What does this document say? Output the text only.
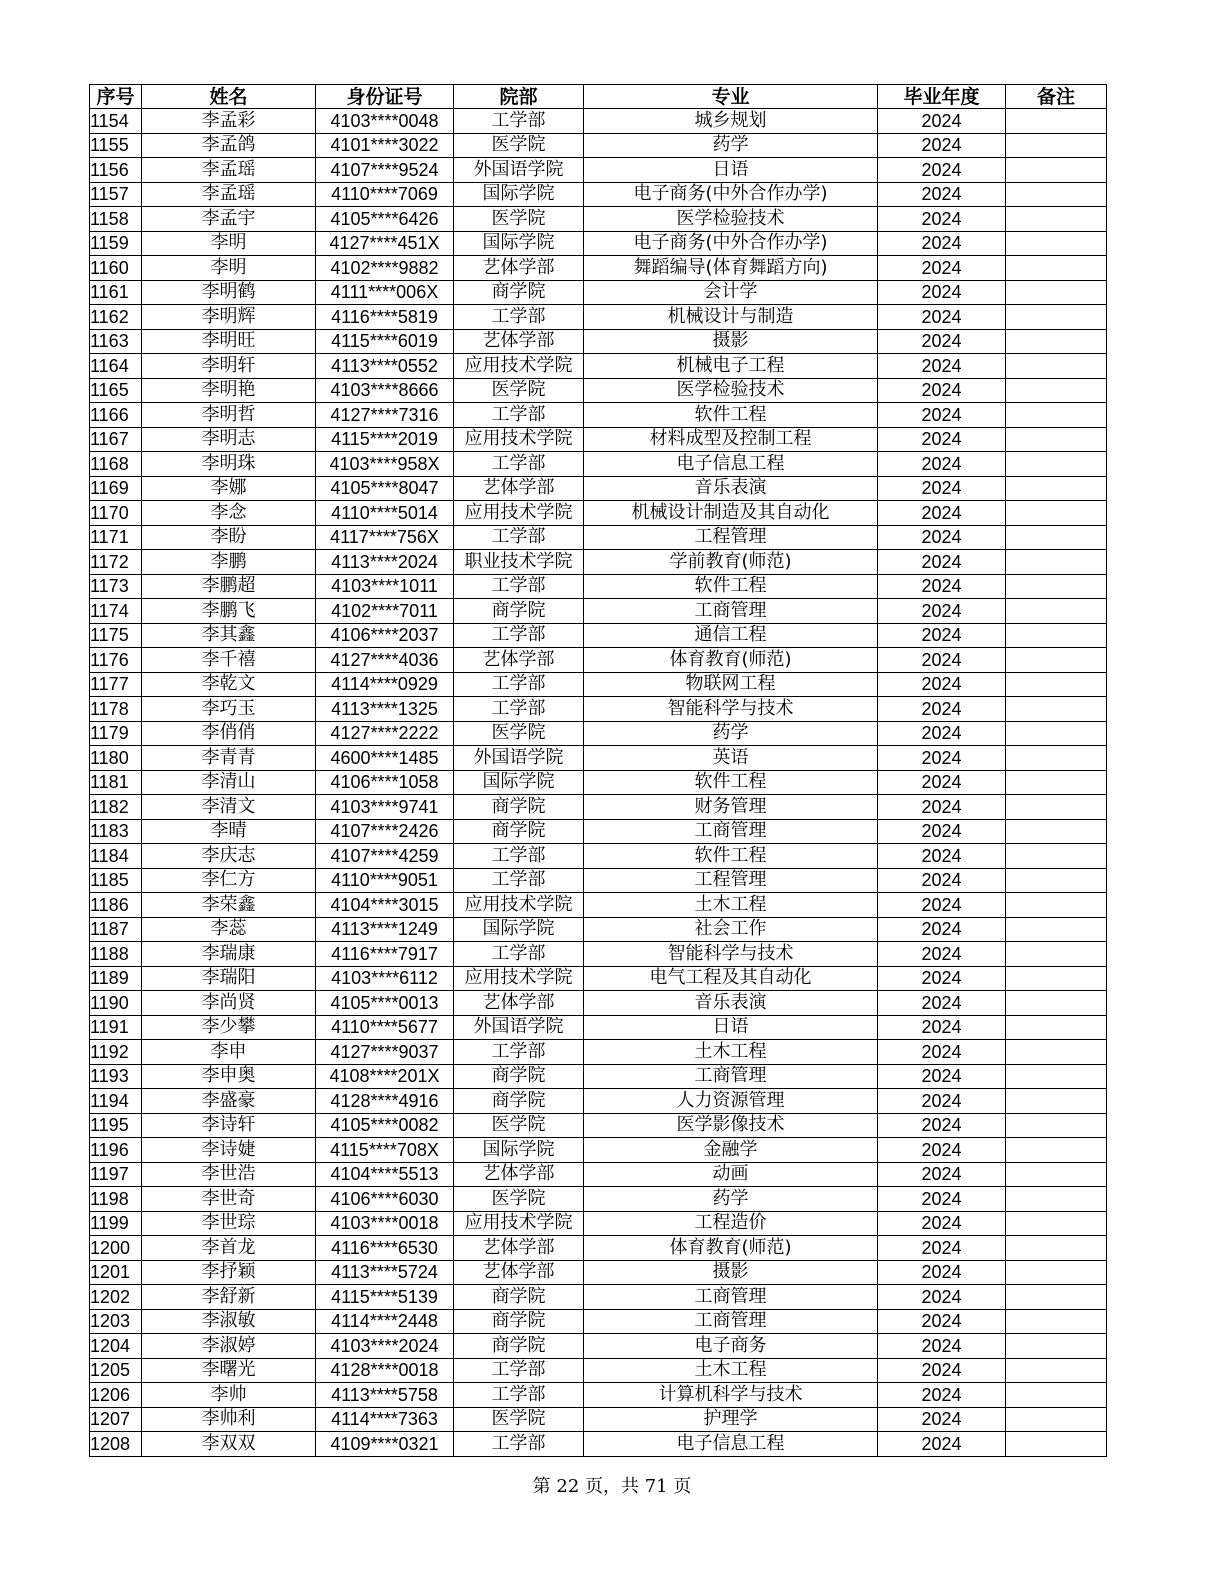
序号	姓名	身份证号	院部	专业	毕业年度	备注
1154	李孟彩	4103****0048	工学部	城乡规划	2024	
1155	李孟鸽	4101****3022	医学院	药学	2024	
1156	李孟瑶	4107****9524	外国语学院	日语	2024	
1157	李孟瑶	4110****7069	国际学院	电子商务(中外合作办学)	2024	
1158	李孟宇	4105****6426	医学院	医学检验技术	2024	
1159	李明	4127****451X	国际学院	电子商务(中外合作办学)	2024	
1160	李明	4102****9882	艺体学部	舞蹈编导(体育舞蹈方向)	2024	
1161	李明鹤	4111****006X	商学院	会计学	2024	
1162	李明辉	4116****5819	工学部	机械设计与制造	2024	
1163	李明旺	4115****6019	艺体学部	摄影	2024	
1164	李明轩	4113****0552	应用技术学院	机械电子工程	2024	
1165	李明艳	4103****8666	医学院	医学检验技术	2024	
1166	李明哲	4127****7316	工学部	软件工程	2024	
1167	李明志	4115****2019	应用技术学院	材料成型及控制工程	2024	
1168	李明珠	4103****958X	工学部	电子信息工程	2024	
1169	李娜	4105****8047	艺体学部	音乐表演	2024	
1170	李念	4110****5014	应用技术学院	机械设计制造及其自动化	2024	
1171	李盼	4117****756X	工学部	工程管理	2024	
1172	李鹏	4113****2024	职业技术学院	学前教育(师范)	2024	
1173	李鹏超	4103****1011	工学部	软件工程	2024	
1174	李鹏飞	4102****7011	商学院	工商管理	2024	
1175	李其鑫	4106****2037	工学部	通信工程	2024	
1176	李千禧	4127****4036	艺体学部	体育教育(师范)	2024	
1177	李乾文	4114****0929	工学部	物联网工程	2024	
1178	李巧玉	4113****1325	工学部	智能科学与技术	2024	
1179	李俏俏	4127****2222	医学院	药学	2024	
1180	李青青	4600****1485	外国语学院	英语	2024	
1181	李清山	4106****1058	国际学院	软件工程	2024	
1182	李清文	4103****9741	商学院	财务管理	2024	
1183	李晴	4107****2426	商学院	工商管理	2024	
1184	李庆志	4107****4259	工学部	软件工程	2024	
1185	李仁方	4110****9051	工学部	工程管理	2024	
1186	李荣鑫	4104****3015	应用技术学院	土木工程	2024	
1187	李蕊	4113****1249	国际学院	社会工作	2024	
1188	李瑞康	4116****7917	工学部	智能科学与技术	2024	
1189	李瑞阳	4103****6112	应用技术学院	电气工程及其自动化	2024	
1190	李尚贤	4105****0013	艺体学部	音乐表演	2024	
1191	李少攀	4110****5677	外国语学院	日语	2024	
1192	李申	4127****9037	工学部	土木工程	2024	
1193	李申奥	4108****201X	商学院	工商管理	2024	
1194	李盛豪	4128****4916	商学院	人力资源管理	2024	
1195	李诗轩	4105****0082	医学院	医学影像技术	2024	
1196	李诗婕	4115****708X	国际学院	金融学	2024	
1197	李世浩	4104****5513	艺体学部	动画	2024	
1198	李世奇	4106****6030	医学院	药学	2024	
1199	李世琮	4103****0018	应用技术学院	工程造价	2024	
1200	李首龙	4116****6530	艺体学部	体育教育(师范)	2024	
1201	李抒颖	4113****5724	艺体学部	摄影	2024	
1202	李舒新	4115****5139	商学院	工商管理	2024	
1203	李淑敏	4114****2448	商学院	工商管理	2024	
1204	李淑婷	4103****2024	商学院	电子商务	2024	
1205	李曙光	4128****0018	工学部	土木工程	2024	
1206	李帅	4113****5758	工学部	计算机科学与技术	2024	
1207	李帅利	4114****7363	医学院	护理学	2024	
1208	李双双	4109****0321	工学部	电子信息工程	2024	
第 22 页，共 71 页
